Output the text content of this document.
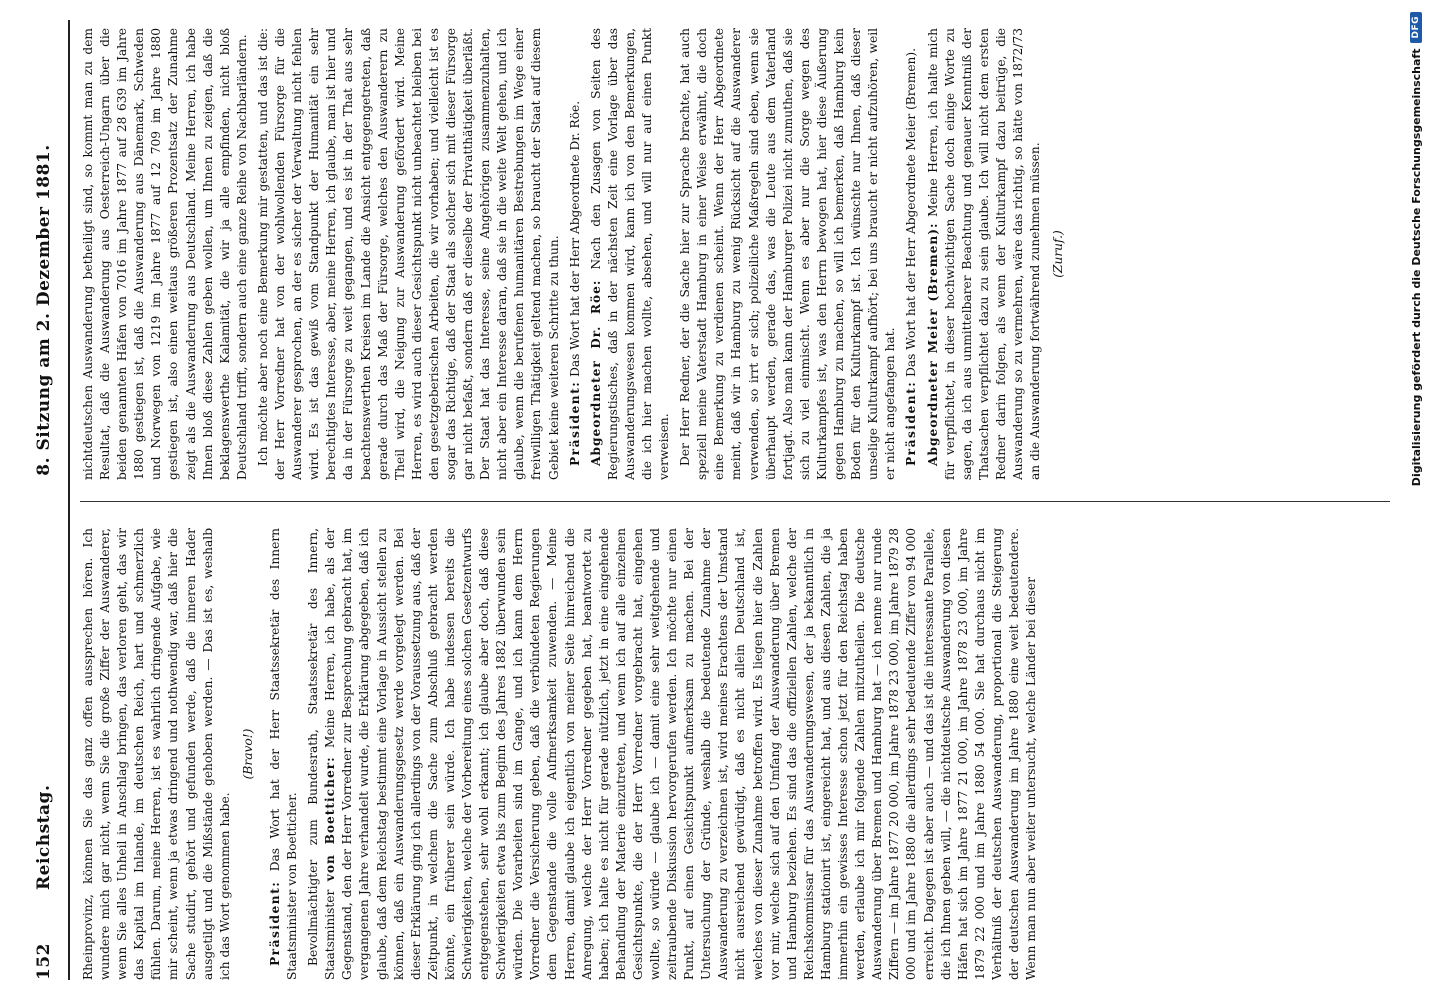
152
Reichstag.
8. Sitzung am 2. Dezember 1881.

Rheinprovinz, können Sie das ganz offen aussprechen hören. Ich wundere mich gar nicht, wenn Sie die große Ziffer der Auswanderer, wenn Sie alles Unheil in Anschlag bringen, das verloren geht, das wir das Kapital im Inlande, im deutschen Reich, hart und schmerzlich fühlen. Darum, meine Herren, ist es wahrlich dringende Aufgabe, wie mir scheint, wenn ja etwas dringend und nothwendig war, daß hier die Sache studirt, gehört und gefunden werde, daß die inneren Hader ausgetilgt und die Mißstände gehoben werden. — Das ist es, weshalb ich das Wort genommen habe.

(Bravo!)

Präsident: Das Wort hat der Herr Staatssekretär des Innern Staatsminister von Boetticher. Bevollmächtigter zum Bundesrath, Staatssekretär des Innern, Staatsminister von Boetticher: Meine Herren, ich habe, als der Gegenstand, den der Herr Vorredner zur Besprechung gebracht hat, im vergangenen Jahre verhandelt wurde, die Erklärung abgegeben, daß ich glaube, daß dem Reichstag bestimmt eine Vorlage in Aussicht stellen zu können, daß ein Auswanderungsgesetz werde vorgelegt werden. Bei dieser Erklärung ging ich allerdings von der Voraussetzung aus, daß der Zeitpunkt, in welchem die Sache zum Abschluß gebracht werden könnte, ein früherer sein würde. Ich habe indessen bereits die Schwierigkeiten, welche der Vorbereitung eines solchen Gesetzentwurfs entgegenstehen, sehr wohl erkannt; ich glaube aber doch, daß diese Schwierigkeiten etwa bis zum Beginn des Jahres 1882 überwunden sein würden. Die Vorarbeiten sind im Gange, und ich kann dem Herrn Vorredner die Versicherung geben, daß die verbündeten Regierungen dem Gegenstande die volle Aufmerksamkeit zuwenden. — Meine Herren, damit glaube ich eigentlich von meiner Seite hinreichend die Anregung, welche der Herr Vorredner gegeben hat, beantwortet zu haben; ich halte es nicht für gerade nützlich, jetzt in eine eingehende Behandlung der Materie einzutreten, und wenn ich auf alle einzelnen Gesichtspunkte, die der Herr Vorredner vorgebracht hat, eingehen wollte, so würde — glaube ich — damit eine sehr weitgehende und zeitraubende Diskussion hervorgerufen werden. Ich möchte nur einen Punkt, auf einen Gesichtspunkt aufmerksam zu machen. Bei der Untersuchung der Gründe, weshalb die bedeutende Zunahme der Auswanderung zu verzeichnen ist, wird meines Erachtens der Umstand nicht ausreichend gewürdigt, daß es nicht allein Deutschland ist, welches von dieser Zunahme betroffen wird. Es liegen hier die Zahlen vor mir, welche sich auf den Umfang der Auswanderung über Bremen und Hamburg beziehen. Es sind das die offiziellen Zahlen, welche der Reichskommissar für das Auswanderungswesen, der ja bekanntlich in Hamburg stationirt ist, eingereicht hat, und aus diesen Zahlen, die ja immerhin ein gewisses Interesse schon jetzt für den Reichstag haben werden, erlaube ich mir folgende Zahlen mitzutheilen. Die deutsche Auswanderung über Bremen und Hamburg hat — ich nenne nur runde Ziffern — im Jahre 1877 20 000, im Jahre 1878 23 000, im Jahre 1879 28 000 und im Jahre 1880 die allerdings sehr bedeutende Ziffer von 94 000 erreicht. Dagegen ist aber auch — und das ist die interessante Parallele, die ich Ihnen geben will, — die nichtdeutsche Auswanderung von diesen Häfen hat sich im Jahre 1877 21 000, im Jahre 1878 23 000, im Jahre 1879 22 000 und im Jahre 1880 54 000. Sie hat durchaus nicht im Verhältniß der deutschen Auswanderung, proportional die Steigerung der deutschen Auswanderung im Jahre 1880 eine weit bedeutendere. Wenn man nun aber weiter untersucht, welche Länder bei dieser

nichtdeutschen Auswanderung betheiligt sind, so kommt man zu dem Resultat, daß die Auswanderung aus Oesterreich-Ungarn über die beiden genannten Häfen von 7016 im Jahre 1877 auf 28 639 im Jahre 1880 gestiegen ist, daß die Auswanderung aus Dänemark, Schweden und Norwegen von 1219 im Jahre 1877 auf 12 709 im Jahre 1880 gestiegen ist, also einen weitaus größeren Prozentsatz der Zunahme zeigt als die Auswanderung aus Deutschland. Meine Herren, ich habe Ihnen bloß diese Zahlen geben wollen, um Ihnen zu zeigen, daß die beklagenswerthe Kalamität, die wir ja alle empfinden, nicht bloß Deutschland trifft, sondern auch eine ganze Reihe von Nachbarländern. Ich möchte aber noch eine Bemerkung mir gestatten, und das ist die: der Herr Vorredner hat von der wohlwollenden Fürsorge für die Auswanderer gesprochen, an der es sicher der Verwaltung nicht fehlen wird. Es ist das gewiß vom Standpunkt der Humanität ein sehr berechtigtes Interesse, aber, meine Herren, ich glaube, man ist hier und da in der Fürsorge zu weit gegangen, und es ist in der That aus sehr beachtenswerthen Kreisen im Lande die Ansicht entgegengetreten, daß gerade durch das Maß der Fürsorge, welches den Auswanderern zu Theil wird, die Neigung zur Auswanderung gefördert wird. Meine Herren, es wird auch dieser Gesichtspunkt nicht unbeachtet bleiben bei den gesetzgeberischen Arbeiten, die wir vorhaben; und vielleicht ist es sogar das Richtige, daß der Staat als solcher sich mit dieser Fürsorge gar nicht befaßt, sondern daß er dieselbe der Privatthätigkeit überläßt. Der Staat hat das Interesse, seine Angehörigen zusammenzuhalten, nicht aber ein Interesse daran, daß sie in die weite Welt gehen, und ich glaube, wenn die berufenen humanitären Bestrebungen im Wege einer freiwilligen Thätigkeit geltend machen, so braucht der Staat auf diesem Gebiet keine weiteren Schritte zu thun. Präsident: Das Wort hat der Herr Abgeordnete Dr. Röe. Abgeordneter Dr. Röe: Nach den Zusagen von Seiten des Regierungstisches, daß in der nächsten Zeit eine Vorlage über das Auswanderungswesen kommen wird, kann ich von den Bemerkungen, die ich hier machen wollte, absehen, und will nur auf einen Punkt verweisen. Der Herr Redner, der die Sache hier zur Sprache brachte, hat auch speziell meine Vaterstadt Hamburg in einer Weise erwähnt, die doch eine Bemerkung zu verdienen scheint. Wenn der Herr Abgeordnete meint, daß wir in Hamburg zu wenig Rücksicht auf die Auswanderer verwenden, so irrt er sich; polizeiliche Maßregeln sind eben, wenn sie überhaupt werden, gerade das, was die Leute aus dem Vaterland fortjagt. Also man kann der Hamburger Polizei nicht zumuthen, daß sie sich zu viel einmischt. Wenn es aber nur die Sorge wegen des Kulturkampfes ist, was den Herrn bewogen hat, hier diese Äußerung gegen Hamburg zu machen, so will ich bemerken, daß Hamburg kein Boden für den Kulturkampf ist. Ich wünschte nur Ihnen, daß dieser unselige Kulturkampf aufhört; bei uns braucht er nicht aufzuhören, weil er nicht angefangen hat. Präsident: Das Wort hat der Herr Abgeordnete Meier (Bremen). Abgeordneter Meier (Bremen): Meine Herren, ich halte mich für verpflichtet, in dieser hochwichtigen Sache doch einige Worte zu sagen, da ich aus unmittelbarer Beachtung und genauer Kenntniß der Thatsachen verpflichtet dazu zu sein glaube. Ich will nicht dem ersten Redner darin folgen, als wenn der Kulturkampf dazu beitrüge, die Auswanderung so zu vermehren, wäre das richtig, so hätte von 1872/73 an die Auswanderung fortwährend zunehmen müssen. (Zuruf.)	Digitalisierung gefördert durch die Deutsche Forschungsgemeinschaft
DFG
